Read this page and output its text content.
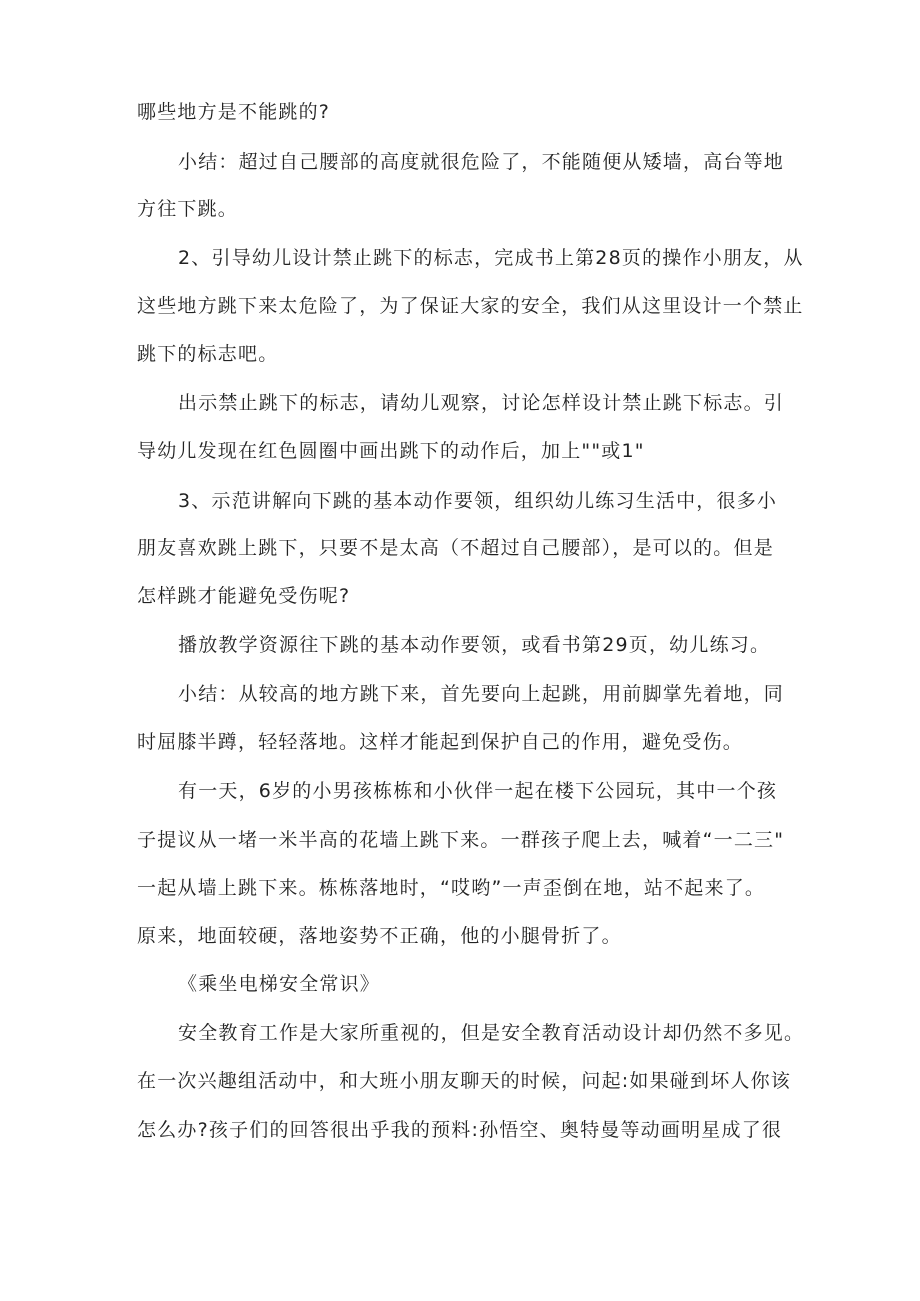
哪些地方是不能跳的?

小结：超过自己腰部的高度就很危险了，不能随便从矮墙，高台等地

方往下跳。

2、引导幼儿设计禁止跳下的标志，完成书上第28页的操作小朋友，从

这些地方跳下来太危险了，为了保证大家的安全，我们从这里设计一个禁止

跳下的标志吧。

出示禁止跳下的标志，请幼儿观察，讨论怎样设计禁止跳下标志。引

导幼儿发现在红色圆圈中画出跳下的动作后，加上""或1"

3、示范讲解向下跳的基本动作要领，组织幼儿练习生活中，很多小

朋友喜欢跳上跳下，只要不是太高（不超过自己腰部），是可以的。但是

怎样跳才能避免受伤呢?

播放教学资源往下跳的基本动作要领，或看书第29页，幼儿练习。

小结：从较高的地方跳下来，首先要向上起跳，用前脚掌先着地，同

时屈膝半蹲，轻轻落地。这样才能起到保护自己的作用，避免受伤。

有一天，6岁的小男孩栋栋和小伙伴一起在楼下公园玩，其中一个孩

子提议从一堵一米半高的花墙上跳下来。一群孩子爬上去，喊着“一二三"

一起从墙上跳下来。栋栋落地时，“哎哟”一声歪倒在地，站不起来了。

原来，地面较硬，落地姿势不正确，他的小腿骨折了。

《乘坐电梯安全常识》

安全教育工作是大家所重视的，但是安全教育活动设计却仍然不多见。

在一次兴趣组活动中，和大班小朋友聊天的时候，问起:如果碰到坏人你该

怎么办?孩子们的回答很出乎我的预料:孙悟空、奥特曼等动画明星成了很
